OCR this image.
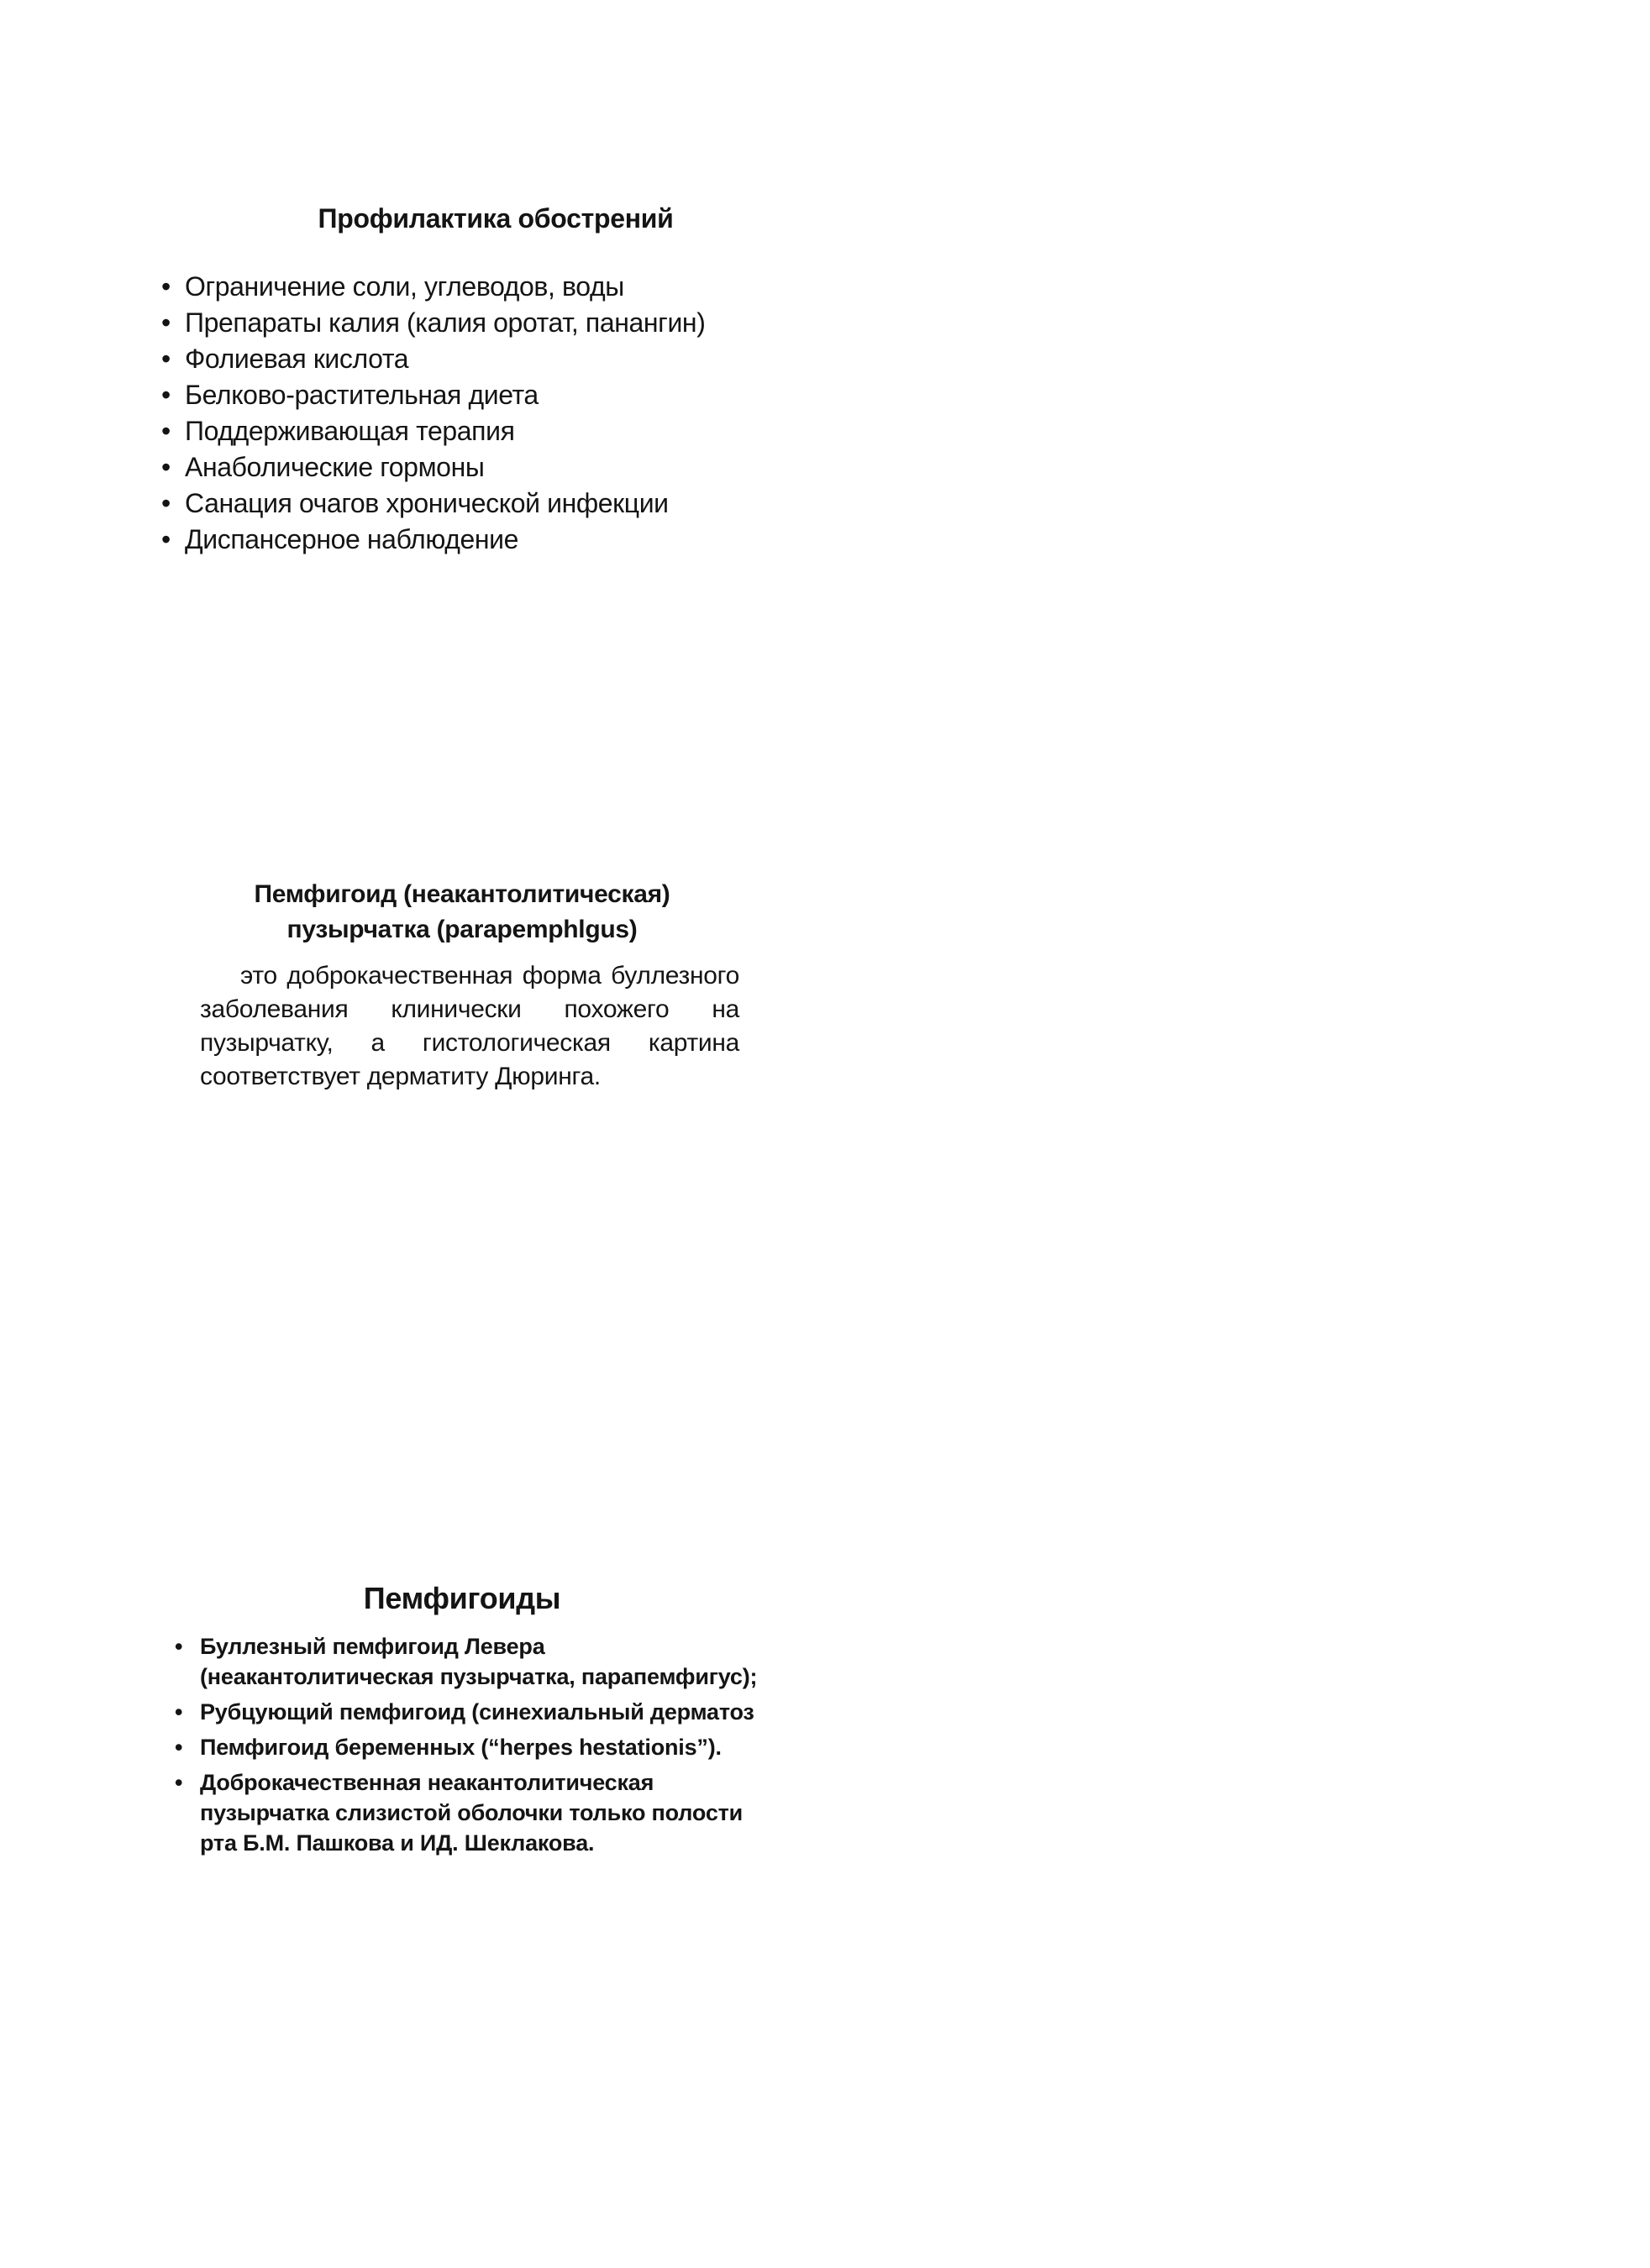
Профилактика обострений
• Ограничение соли, углеводов, воды
• Препараты калия (калия оротат, панангин)
• Фолиевая кислота
• Белково-растительная диета
• Поддерживающая терапия
• Анаболические гормоны
• Санация очагов хронической инфекции
• Диспансерное наблюдение
Пемфигоид (неакантолитическая)
пузырчатка (parapemphlgus)

это доброкачественная форма буллезного заболевания клинически похожего на пузырчатку, а гистологическая картина соответствует дерматиту Дюринга.

Пемфигоиды
• Буллезный пемфигоид Левера (неакантолитическая пузырчатка, парапемфигус);
• Рубцующий пемфигоид (синехиальный дерматоз
• Пемфигоид беременных (“herpes hestationis”).
• Доброкачественная неакантолитическая пузырчатка слизистой оболочки только полости рта Б.М. Пашкова и ИД. Шеклакова.
